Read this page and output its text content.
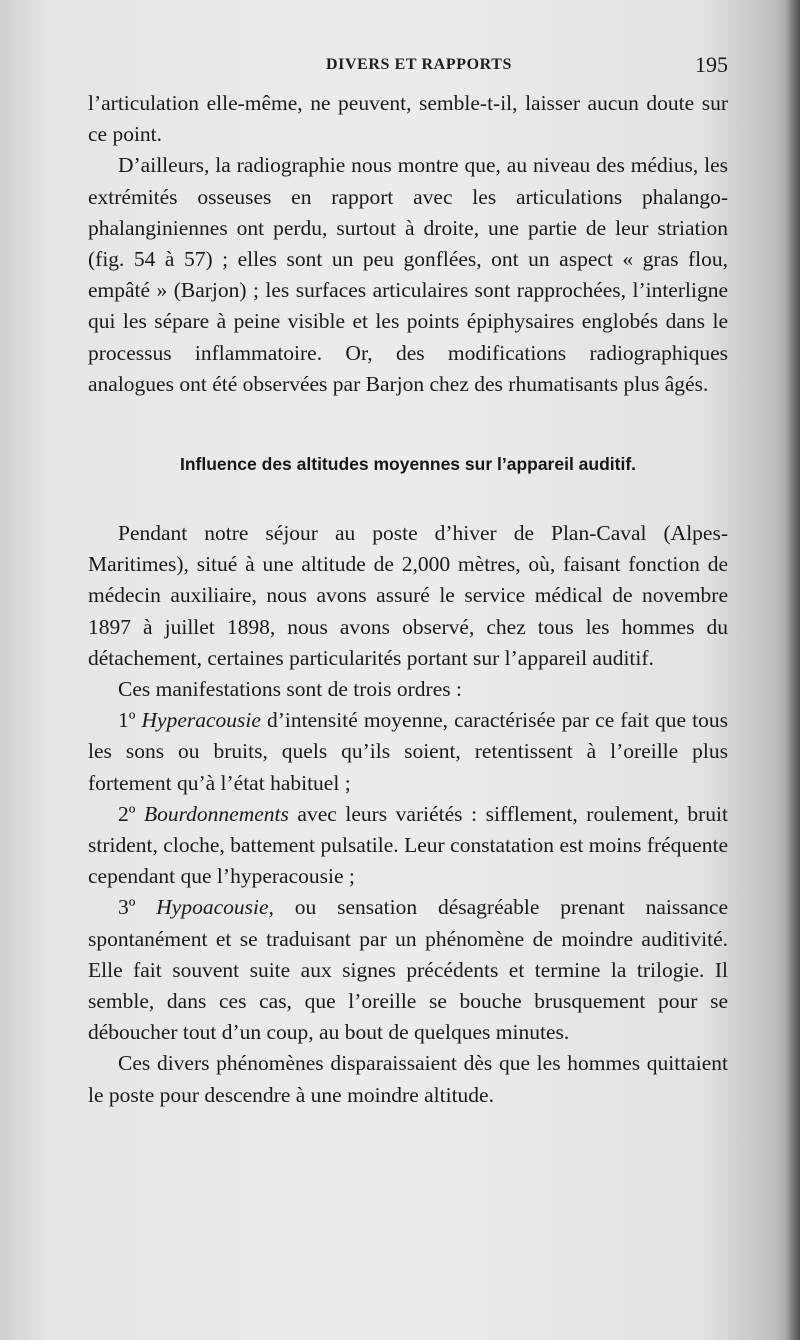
DIVERS ET RAPPORTS	195

l’articulation elle-même, ne peuvent, semble-t-il, laisser aucun doute sur ce point.

D’ailleurs, la radiographie nous montre que, au niveau des médius, les extrémités osseuses en rapport avec les articulations phalango-phalanginiennes ont perdu, surtout à droite, une partie de leur striation (fig. 54 à 57) ; elles sont un peu gonflées, ont un aspect « gras flou, empâté » (Barjon) ; les surfaces articulaires sont rapprochées, l’interligne qui les sépare à peine visible et les points épiphysaires englobés dans le processus inflammatoire. Or, des modifications radiographiques analogues ont été observées par Barjon chez des rhumatisants plus âgés.

Influence des altitudes moyennes sur l’appareil auditif.

Pendant notre séjour au poste d’hiver de Plan-Caval (Alpes-Maritimes), situé à une altitude de 2,000 mètres, où, faisant fonction de médecin auxiliaire, nous avons assuré le service médical de novembre 1897 à juillet 1898, nous avons observé, chez tous les hommes du détachement, certaines particularités portant sur l’appareil auditif.

Ces manifestations sont de trois ordres :

1º Hyperacousie d’intensité moyenne, caractérisée par ce fait que tous les sons ou bruits, quels qu’ils soient, retentissent à l’oreille plus fortement qu’à l’état habituel ;

2º Bourdonnements avec leurs variétés : sifflement, roulement, bruit strident, cloche, battement pulsatile. Leur constatation est moins fréquente cependant que l’hyperacousie ;

3º Hypoacousie, ou sensation désagréable prenant naissance spontanément et se traduisant par un phénomène de moindre auditivité. Elle fait souvent suite aux signes précédents et termine la trilogie. Il semble, dans ces cas, que l’oreille se bouche brusquement pour se déboucher tout d’un coup, au bout de quelques minutes.

Ces divers phénomènes disparaissaient dès que les hommes quittaient le poste pour descendre à une moindre altitude.
